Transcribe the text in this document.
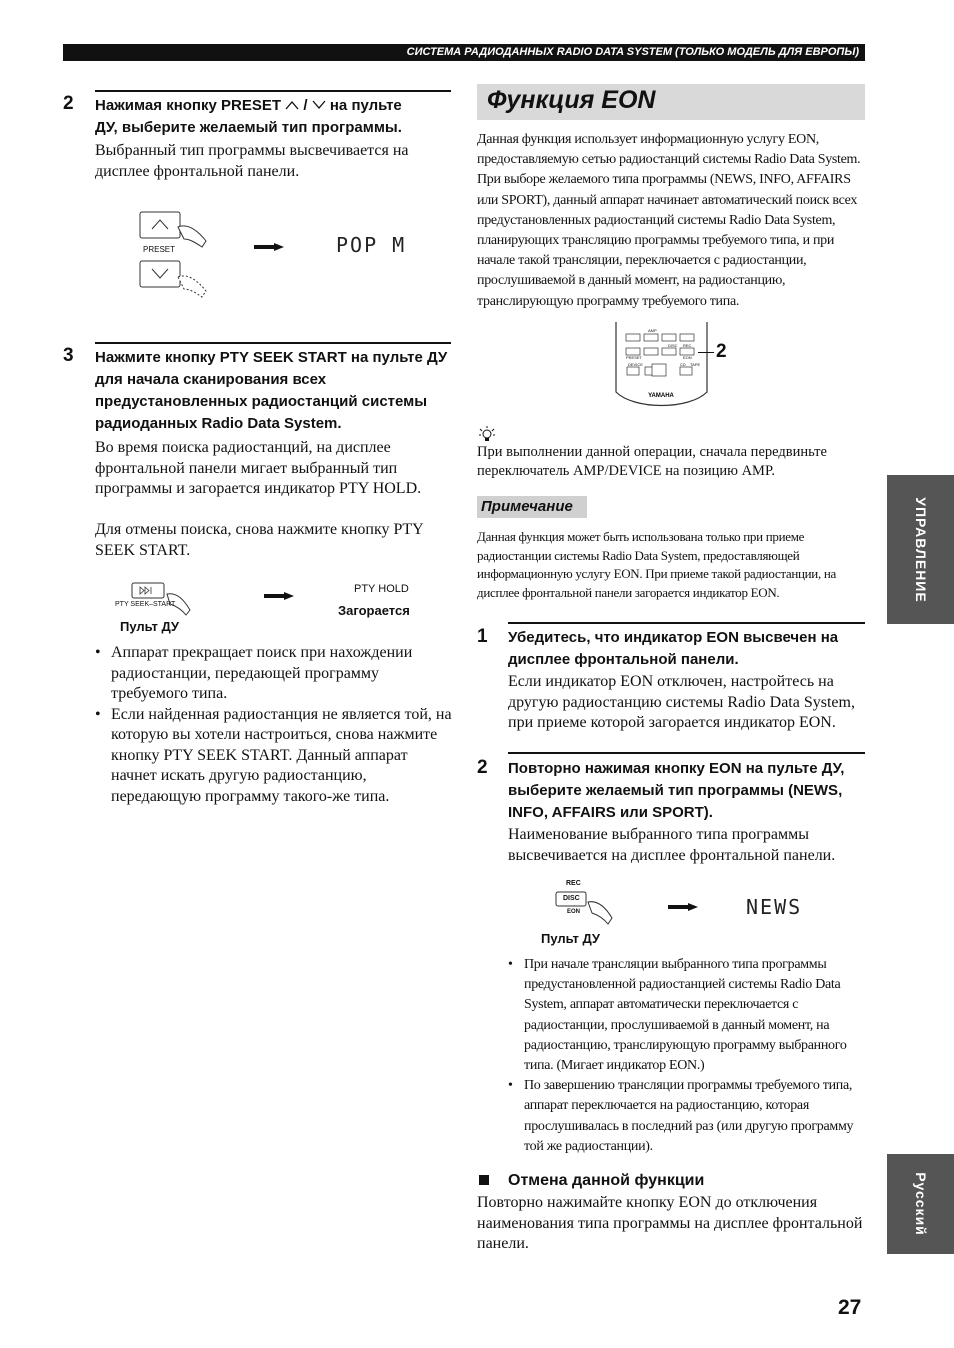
СИСТЕМА РАДИОДАННЫХ RADIO DATA SYSTEM (ТОЛЬКО МОДЕЛЬ ДЛЯ ЕВРОПЫ)
2 Нажимая кнопку PRESET / на пульте
ДУ, выберите желаемый тип программы.
Выбранный тип программы высвечивается на дисплее фронтальной панели.
PRESET	POP M
3 Нажмите кнопку PTY SEEK START на пульте ДУ для начала сканирования всех предустановленных радиостанций системы радиоданных Radio Data System.
Во время поиска радиостанций, на дисплее фронтальной панели мигает выбранный тип программы и загорается индикатор PTY HOLD.
Для отмены поиска, снова нажмите кнопку PTY SEEK START.
PTY SEEK–START
Пульт ДУ
PTY HOLD
Загорается
• Аппарат прекращает поиск при нахождении радиостанции, передающей программу требуемого типа.
• Если найденная радиостанция не является той, на которую вы хотели настроиться, снова нажмите кнопку PTY SEEK START. Данный аппарат начнет искать другую радиостанцию, передающую программу такого-же типа.
Функция EON
Данная функция использует информационную услугу EON, предоставляемую сетью радиостанций системы Radio Data System. При выборе желаемого типа программы (NEWS, INFO, AFFAIRS или SPORT), данный аппарат начинает автоматический поиск всех предустановленных радиостанций системы Radio Data System, планирующих трансляцию программы требуемого типа, и при начале такой трансляции, переключается с радиостанции, прослушиваемой в данный момент, на радиостанцию, транслирующую программу требуемого типа.
YAMAHA
AMP
DEVICE	CD TAPE
PRESET
REC
EON
DISC 2
При выполнении данной операции, сначала передвиньте переключатель AMP/DEVICE на позицию AMP.
Примечание
Данная функция может быть использована только при приеме радиостанции системы Radio Data System, предоставляющей информационную услугу EON. При приеме такой радиостанции, на дисплее фронтальной панели загорается индикатор EON.
1 Убедитесь, что индикатор EON высвечен на дисплее фронтальной панели.
Если индикатор EON отключен, настройтесь на другую радиостанцию системы Radio Data System, при приеме которой загорается индикатор EON.
2 Повторно нажимая кнопку EON на пульте ДУ, выберите желаемый тип программы (NEWS, INFO, AFFAIRS или SPORT).
Наименование выбранного типа программы высвечивается на дисплее фронтальной панели.
REC
DISC
EON
Пульт ДУ
NEWS
• При начале трансляции выбранного типа программы предустановленной радиостанцией системы Radio Data System, аппарат автоматически переключается с радиостанции, прослушиваемой в данный момент, на радиостанцию, транслирующую программу выбранного типа. (Мигает индикатор EON.)
• По завершению трансляции программы требуемого типа, аппарат переключается на радиостанцию, которая прослушивалась в последний раз (или другую программу той же радиостанции).
Отмена данной функции
Повторно нажимайте кнопку EON до отключения наименования типа программы на дисплее фронтальной панели.
УПРАВЛЕНИЕ
Русский
27
